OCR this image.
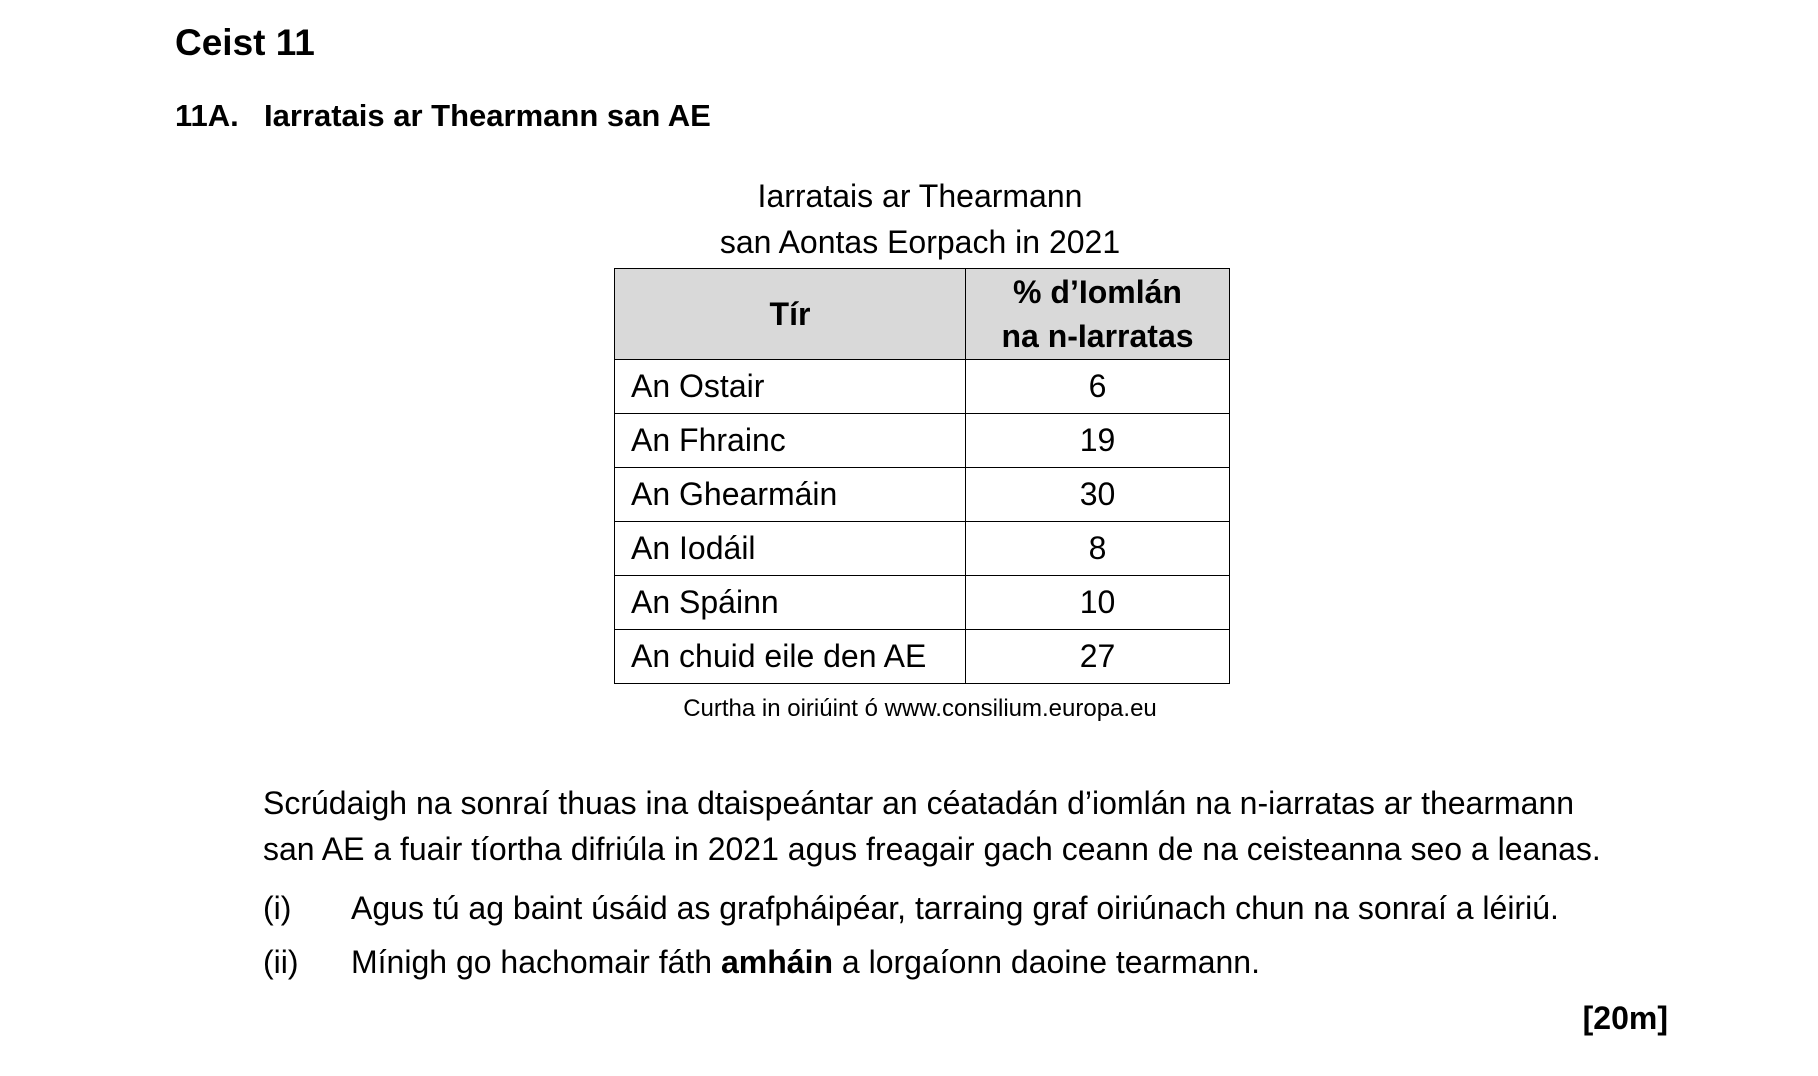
Ceist 11
11A. Iarratais ar Thearmann san AE
Iarratais ar Thearmann
san Aontas Eorpach in 2021
Tír	% d’Iomlán
na n-Iarratas

An Ostair	6
An Fhrainc	19
An Ghearmáin	30
An Iodáil	8
An Spáinn	10
An chuid eile den AE	27
Curtha in oiriúint ó www.consilium.europa.eu
Scrúdaigh na sonraí thuas ina dtaispeántar an céatadán d’iomlán na n-iarratas ar thearmann
san AE a fuair tíortha difriúla in 2021 agus freagair gach ceann de na ceisteanna seo a leanas.
(i) Agus tú ag baint úsáid as grafpháipéar, tarraing graf oiriúnach chun na sonraí a léiriú.
(ii) Mínigh go hachomair fáth amháin a lorgaíonn daoine tearmann.
[20m]
